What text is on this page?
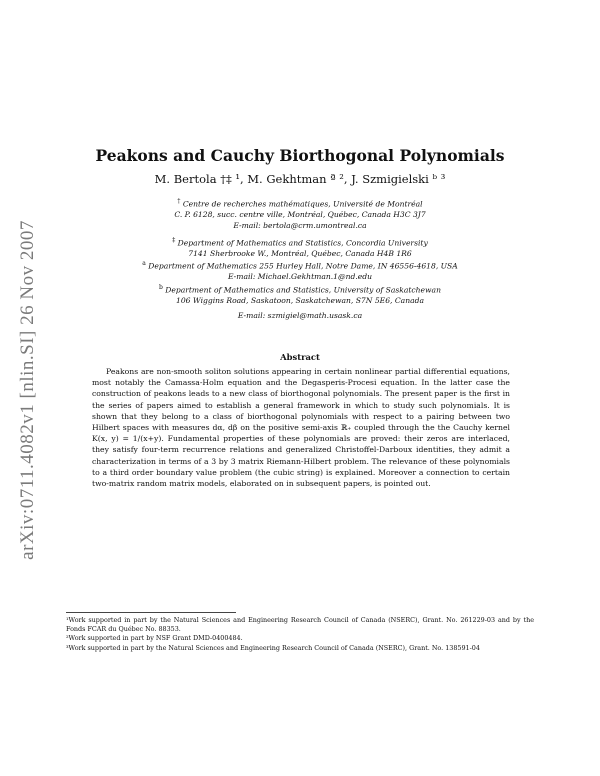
arXiv:0711.4082v1 [nlin.SI] 26 Nov 2007
Peakons and Cauchy Biorthogonal Polynomials
M. Bertola †‡ ¹, M. Gekhtman ª ², J. Szmigielski ᵇ ³
† Centre de recherches mathématiques, Université de Montréal
C. P. 6128, succ. centre ville, Montréal, Québec, Canada H3C 3J7
E-mail: bertola@crm.umontreal.ca
‡ Department of Mathematics and Statistics, Concordia University
7141 Sherbrooke W., Montréal, Québec, Canada H4B 1R6
$^a$ Department of Mathematics 255 Hurley Hall, Notre Dame, IN 46556-4618, USA
E-mail: Michael.Gekhtman.1@nd.edu
$^b$ Department of Mathematics and Statistics, University of Saskatchewan
106 Wiggins Road, Saskatoon, Saskatchewan, S7N 5E6, Canada
E-mail: szmigiel@math.usask.ca
Abstract
Peakons are non-smooth soliton solutions appearing in certain nonlinear partial differential equations, most notably the Camassa-Holm equation and the Degasperis-Procesi equation. In the latter case the construction of peakons leads to a new class of biorthogonal polynomials. The present paper is the first in the series of papers aimed to establish a general framework in which to study such polynomials. It is shown that they belong to a class of biorthogonal polynomials with respect to a pairing between two Hilbert spaces with measures dα, dβ on the positive semi-axis ℝ₊ coupled through the the Cauchy kernel K(x, y) = 1/(x+y). Fundamental properties of these polynomials are proved: their zeros are interlaced, they satisfy four-term recurrence relations and generalized Christoffel-Darboux identities, they admit a characterization in terms of a 3 by 3 matrix Riemann-Hilbert problem. The relevance of these polynomials to a third order boundary value problem (the cubic string) is explained. Moreover a connection to certain two-matrix random matrix models, elaborated on in subsequent papers, is pointed out.

¹Work supported in part by the Natural Sciences and Engineering Research Council of Canada (NSERC), Grant. No. 261229-03 and by the Fonds FCAR du Québec No. 88353.

²Work supported in part by NSF Grant DMD-0400484.

³Work supported in part by the Natural Sciences and Engineering Research Council of Canada (NSERC), Grant. No. 138591-04
